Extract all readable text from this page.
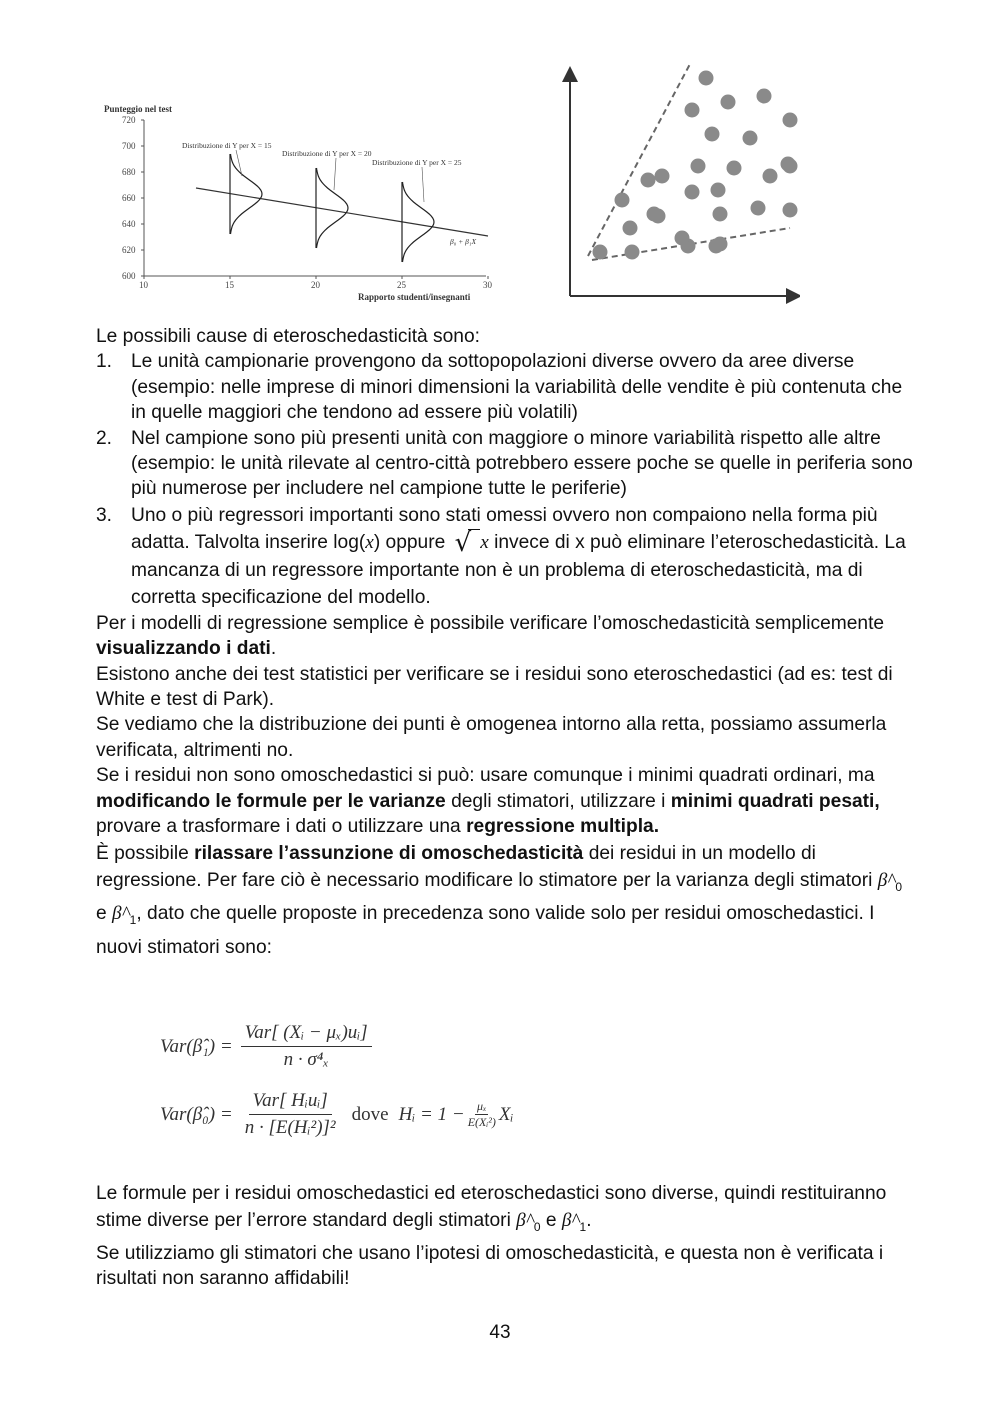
Punteggio nel test
720
700
680
660
640
620
600
10	15	20	25	30
Distribuzione di Y per X = 15
Distribuzione di Y per X = 20
Distribuzione di Y per X = 25
β₀ + β₁X
Rapporto studenti/insegnanti

Le possibili cause di eteroschedasticità sono:

1. Le unità campionarie provengono da sottopopolazioni diverse ovvero da aree diverse (esempio: nelle imprese di minori dimensioni la variabilità delle vendite è più contenuta che in quelle maggiori che tendono ad essere più volatili)
2. Nel campione sono più presenti unità con maggiore o minore variabilità rispetto alle altre (esempio: le unità rilevate al centro-città potrebbero essere poche se quelle in periferia sono più numerose per includere nel campione tutte le periferie)
3. Uno o più regressori importanti sono stati omessi ovvero non compaiono nella forma più adatta. Talvolta inserire log(x) oppure √ x invece di x può eliminare l’eteroschedasticità. La mancanza di un regressore importante non è un problema di eteroschedasticità, ma di corretta specificazione del modello.

Per i modelli di regressione semplice è possibile verificare l’omoschedasticità semplicemente visualizzando i dati.

Esistono anche dei test statistici per verificare se i residui sono eteroschedastici (ad es: test di White e test di Park).

Se vediamo che la distribuzione dei punti è omogenea intorno alla retta, possiamo assumerla verificata, altrimenti no.

Se i residui non sono omoschedastici si può: usare comunque i minimi quadrati ordinari, ma modificando le formule per le varianze degli stimatori, utilizzare i minimi quadrati pesati, provare a trasformare i dati o utilizzare una regressione multipla.

È possibile rilassare l’assunzione di omoschedasticità dei residui in un modello di regressione. Per fare ciò è necessario modificare lo stimatore per la varianza degli stimatori $\beta\^{}_0$ e $\beta\^{}_1$, dato che quelle proposte in precedenza sono valide solo per residui omoschedastici. I nuovi stimatori sono:

Var(β̂₁) = $\frac{\text{Var[ (Xᵢ − μₓ)uᵢ]}}{\text{n · σ⁴ₓ}}$
Var(β̂₀) = $\frac{\text{Var[ Hᵢuᵢ]}}{\text{n · [E(Hᵢ²)]²}}$ dove Hᵢ = $1 - \frac{\text{μₓ}}{\text{E(Xᵢ²)}}$ Xᵢ

Le formule per i residui omoschedastici ed eteroschedastici sono diverse, quindi restituiranno stime diverse per l’errore standard degli stimatori $\beta\^{}_0$ e $\beta\^{}_1$.

Se utilizziamo gli stimatori che usano l’ipotesi di omoschedasticità, e questa non è verificata i risultati non saranno affidabili!

43
